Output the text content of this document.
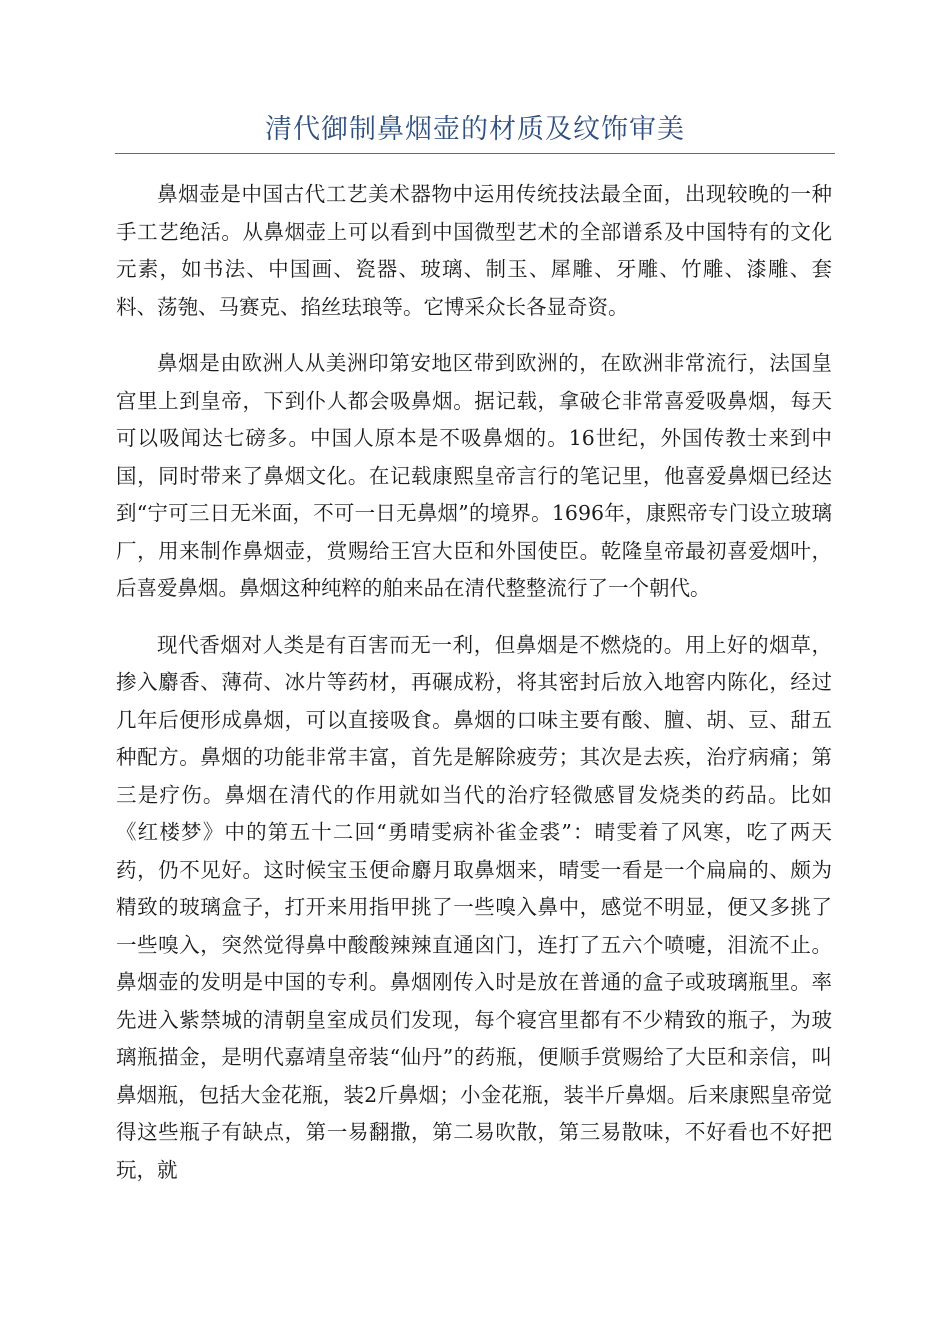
清代御制鼻烟壶的材质及纹饰审美

鼻烟壶是中国古代工艺美术器物中运用传统技法最全面，出现较晚的一种手工艺绝活。从鼻烟壶上可以看到中国微型艺术的全部谱系及中国特有的文化元素，如书法、中国画、瓷器、玻璃、制玉、犀雕、牙雕、竹雕、漆雕、套料、荡匏、马赛克、掐丝珐琅等。它博采众长各显奇资。

鼻烟是由欧洲人从美洲印第安地区带到欧洲的，在欧洲非常流行，法国皇宫里上到皇帝，下到仆人都会吸鼻烟。据记载，拿破仑非常喜爱吸鼻烟，每天可以吸闻达七磅多。中国人原本是不吸鼻烟的。16世纪，外国传教士来到中国，同时带来了鼻烟文化。在记载康熙皇帝言行的笔记里，他喜爱鼻烟已经达到“宁可三日无米面，不可一日无鼻烟”的境界。1696年，康熙帝专门设立玻璃厂，用来制作鼻烟壶，赏赐给王宫大臣和外国使臣。乾隆皇帝最初喜爱烟叶，后喜爱鼻烟。鼻烟这种纯粹的舶来品在清代整整流行了一个朝代。

现代香烟对人类是有百害而无一利，但鼻烟是不燃烧的。用上好的烟草，掺入麝香、薄荷、冰片等药材，再碾成粉，将其密封后放入地窖内陈化，经过几年后便形成鼻烟，可以直接吸食。鼻烟的口味主要有酸、膻、胡、豆、甜五种配方。鼻烟的功能非常丰富，首先是解除疲劳；其次是去疾，治疗病痛；第三是疗伤。鼻烟在清代的作用就如当代的治疗轻微感冒发烧类的药品。比如《红楼梦》中的第五十二回“勇晴雯病补雀金裘”：晴雯着了风寒，吃了两天药，仍不见好。这时候宝玉便命麝月取鼻烟来，晴雯一看是一个扁扁的、颇为精致的玻璃盒子，打开来用指甲挑了一些嗅入鼻中，感觉不明显，便又多挑了一些嗅入，突然觉得鼻中酸酸辣辣直通囟门，连打了五六个喷嚏，泪流不止。鼻烟壶的发明是中国的专利。鼻烟刚传入时是放在普通的盒子或玻璃瓶里。率先进入紫禁城的清朝皇室成员们发现，每个寝宫里都有不少精致的瓶子，为玻璃瓶描金，是明代嘉靖皇帝装“仙丹”的药瓶，便顺手赏赐给了大臣和亲信，叫鼻烟瓶，包括大金花瓶，装2斤鼻烟；小金花瓶，装半斤鼻烟。后来康熙皇帝觉得这些瓶子有缺点，第一易翻撒，第二易吹散，第三易散味，不好看也不好把玩，就
